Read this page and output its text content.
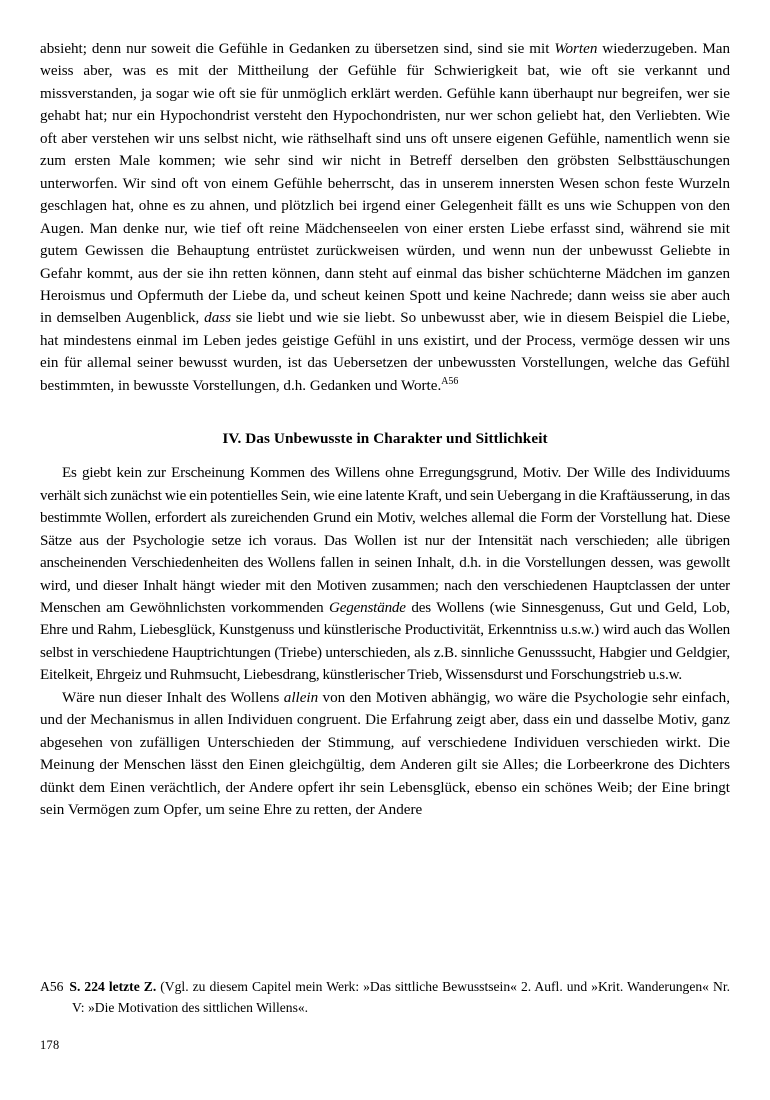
absieht; denn nur soweit die Gefühle in Gedanken zu übersetzen sind, sind sie mit Worten wiederzugeben. Man weiss aber, was es mit der Mittheilung der Gefühle für Schwierigkeit bat, wie oft sie verkannt und missverstanden, ja sogar wie oft sie für unmöglich erklärt werden. Gefühle kann überhaupt nur begreifen, wer sie gehabt hat; nur ein Hypochondrist versteht den Hypochondristen, nur wer schon geliebt hat, den Verliebten. Wie oft aber verstehen wir uns selbst nicht, wie räthselhaft sind uns oft unsere eigenen Gefühle, namentlich wenn sie zum ersten Male kommen; wie sehr sind wir nicht in Betreff derselben den gröbsten Selbsttäuschungen unterworfen. Wir sind oft von einem Gefühle beherrscht, das in unserem innersten Wesen schon feste Wurzeln geschlagen hat, ohne es zu ahnen, und plötzlich bei irgend einer Gelegenheit fällt es uns wie Schuppen von den Augen. Man denke nur, wie tief oft reine Mädchenseelen von einer ersten Liebe erfasst sind, während sie mit gutem Gewissen die Behauptung entrüstet zurückweisen würden, und wenn nun der unbewusst Geliebte in Gefahr kommt, aus der sie ihn retten können, dann steht auf einmal das bisher schüchterne Mädchen im ganzen Heroismus und Opfermuth der Liebe da, und scheut keinen Spott und keine Nachrede; dann weiss sie aber auch in demselben Augenblick, dass sie liebt und wie sie liebt. So unbewusst aber, wie in diesem Beispiel die Liebe, hat mindestens einmal im Leben jedes geistige Gefühl in uns existirt, und der Process, vermöge dessen wir uns ein für allemal seiner bewusst wurden, ist das Uebersetzen der unbewussten Vorstellungen, welche das Gefühl bestimmten, in bewusste Vorstellungen, d.h. Gedanken und Worte.$^{A56}$

IV. Das Unbewusste in Charakter und Sittlichkeit

Es giebt kein zur Erscheinung Kommen des Willens ohne Erregungsgrund, Motiv. Der Wille des Individuums verhält sich zunächst wie ein potentielles Sein, wie eine latente Kraft, und sein Uebergang in die Kraftäusserung, in das bestimmte Wollen, erfordert als zureichenden Grund ein Motiv, welches allemal die Form der Vorstellung hat. Diese Sätze aus der Psychologie setze ich voraus. Das Wollen ist nur der Intensität nach verschieden; alle übrigen anscheinenden Verschiedenheiten des Wollens fallen in seinen Inhalt, d.h. in die Vorstellungen dessen, was gewollt wird, und dieser Inhalt hängt wieder mit den Motiven zusammen; nach den verschiedenen Hauptclassen der unter Menschen am Gewöhnlichsten vorkommenden Gegenstände des Wollens (wie Sinnesgenuss, Gut und Geld, Lob, Ehre und Rahm, Liebesglück, Kunstgenuss und künstlerische Productivität, Erkenntniss u.s.w.) wird auch das Wollen selbst in verschiedene Hauptrichtungen (Triebe) unterschieden, als z.B. sinnliche Genusssucht, Habgier und Geldgier, Eitelkeit, Ehrgeiz und Ruhmsucht, Liebesdrang, künstlerischer Trieb, Wissensdurst und Forschungstrieb u.s.w.

Wäre nun dieser Inhalt des Wollens allein von den Motiven abhängig, wo wäre die Psychologie sehr einfach, und der Mechanismus in allen Individuen congruent. Die Erfahrung zeigt aber, dass ein und dasselbe Motiv, ganz abgesehen von zufälligen Unterschieden der Stimmung, auf verschiedene Individuen verschieden wirkt. Die Meinung der Menschen lässt den Einen gleichgültig, dem Anderen gilt sie Alles; die Lorbeerkrone des Dichters dünkt dem Einen verächtlich, der Andere opfert ihr sein Lebensglück, ebenso ein schönes Weib; der Eine bringt sein Vermögen zum Opfer, um seine Ehre zu retten, der Andere

A56 S. 224 letzte Z. (Vgl. zu diesem Capitel mein Werk: »Das sittliche Bewusstsein« 2. Aufl. und »Krit. Wanderungen« Nr. V: »Die Motivation des sittlichen Willens«.

178
